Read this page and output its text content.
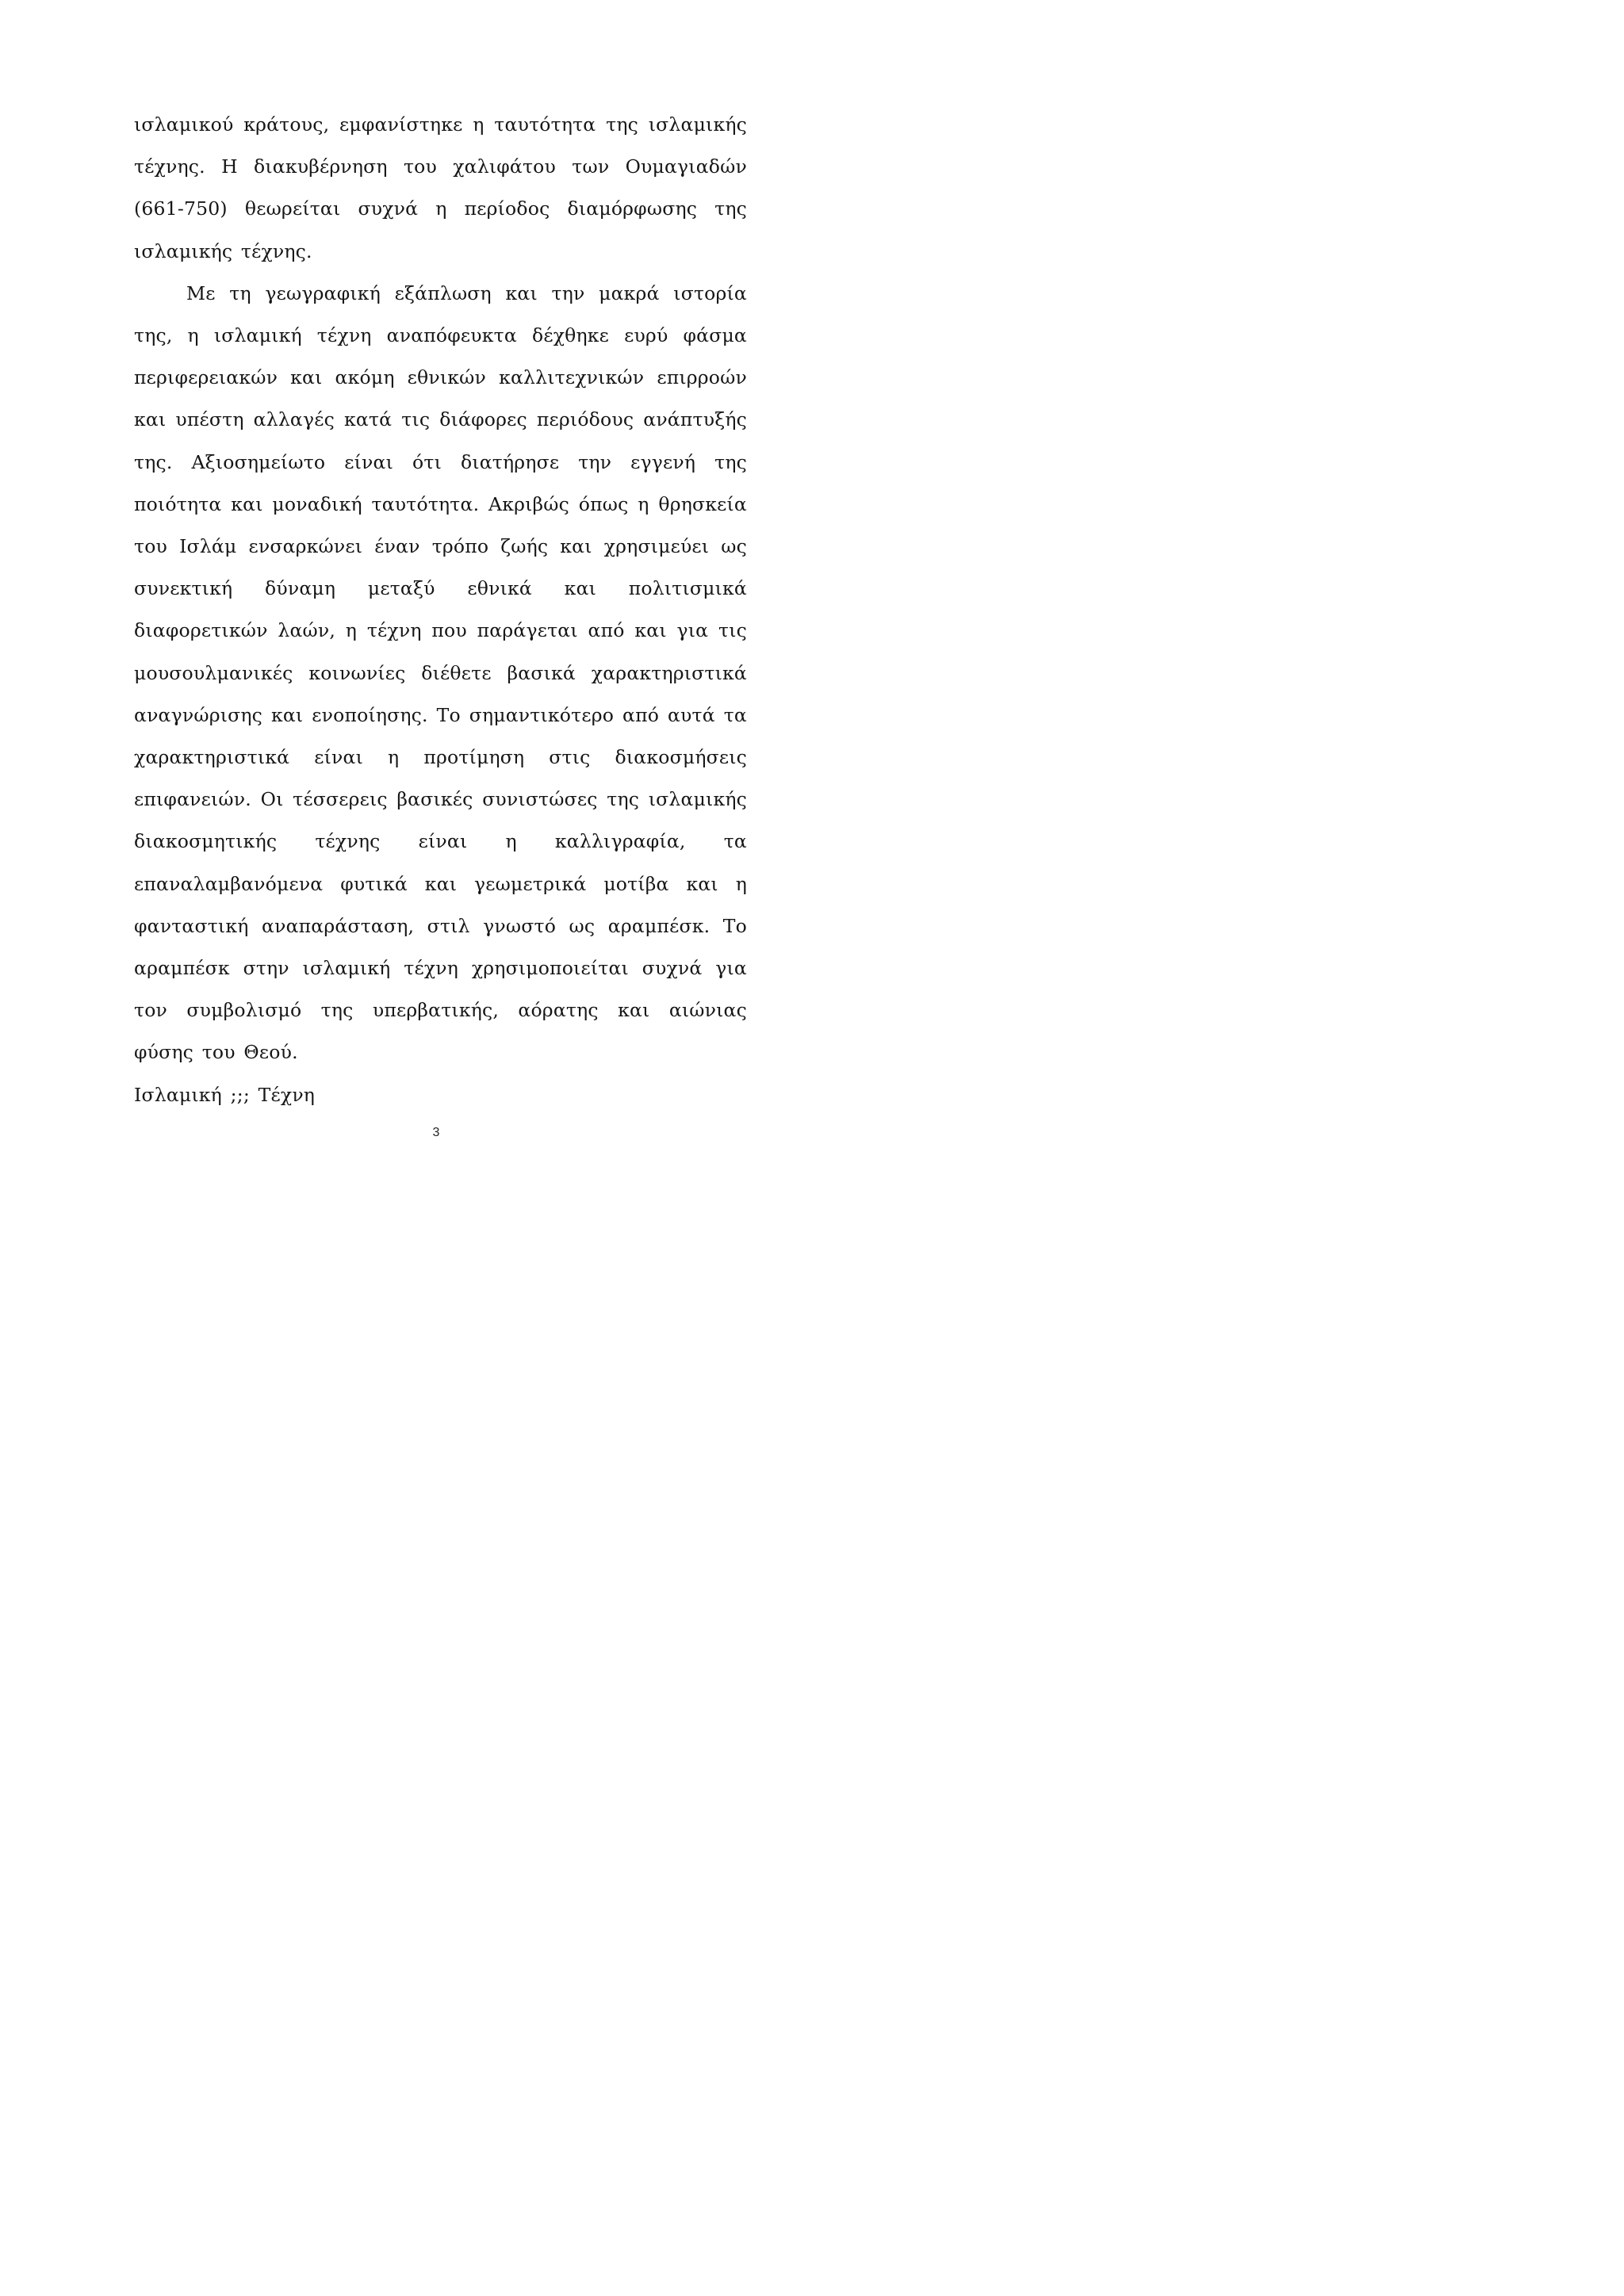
ισλαμικού κράτους, εμφανίστηκε η ταυτότητα της ισλαμικής τέχνης. Η διακυβέρνηση του χαλιφάτου των Ουμαγιαδών (661-750) θεωρείται συχνά η περίοδος διαμόρφωσης της ισλαμικής τέχνης.

Με τη γεωγραφική εξάπλωση και την μακρά ιστορία της, η ισλαμική τέχνη αναπόφευκτα δέχθηκε ευρύ φάσμα περιφερειακών και ακόμη εθνικών καλλιτεχνικών επιρροών και υπέστη αλλαγές κατά τις διάφορες περιόδους ανάπτυξής της. Αξιοσημείωτο είναι ότι διατήρησε την εγγενή της ποιότητα και μοναδική ταυτότητα. Ακριβώς όπως η θρησκεία του Ισλάμ ενσαρκώνει έναν τρόπο ζωής και χρησιμεύει ως συνεκτική δύναμη μεταξύ εθνικά και πολιτισμικά διαφορετικών λαών, η τέχνη που παράγεται από και για τις μουσουλμανικές κοινωνίες διέθετε βασικά χαρακτηριστικά αναγνώρισης και ενοποίησης. Το σημαντικότερο από αυτά τα χαρακτηριστικά είναι η προτίμηση στις διακοσμήσεις επιφανειών. Οι τέσσερεις βασικές συνιστώσες της ισλαμικής διακοσμητικής τέχνης είναι η καλλιγραφία, τα επαναλαμβανόμενα φυτικά και γεωμετρικά μοτίβα και η φανταστική αναπαράσταση, στιλ γνωστό ως αραμπέσκ. Το αραμπέσκ στην ισλαμική τέχνη χρησιμοποιείται συχνά για τον συμβολισμό της υπερβατικής, αόρατης και αιώνιας φύσης του Θεού.

Ισλαμική ;;; Τέχνη

3
